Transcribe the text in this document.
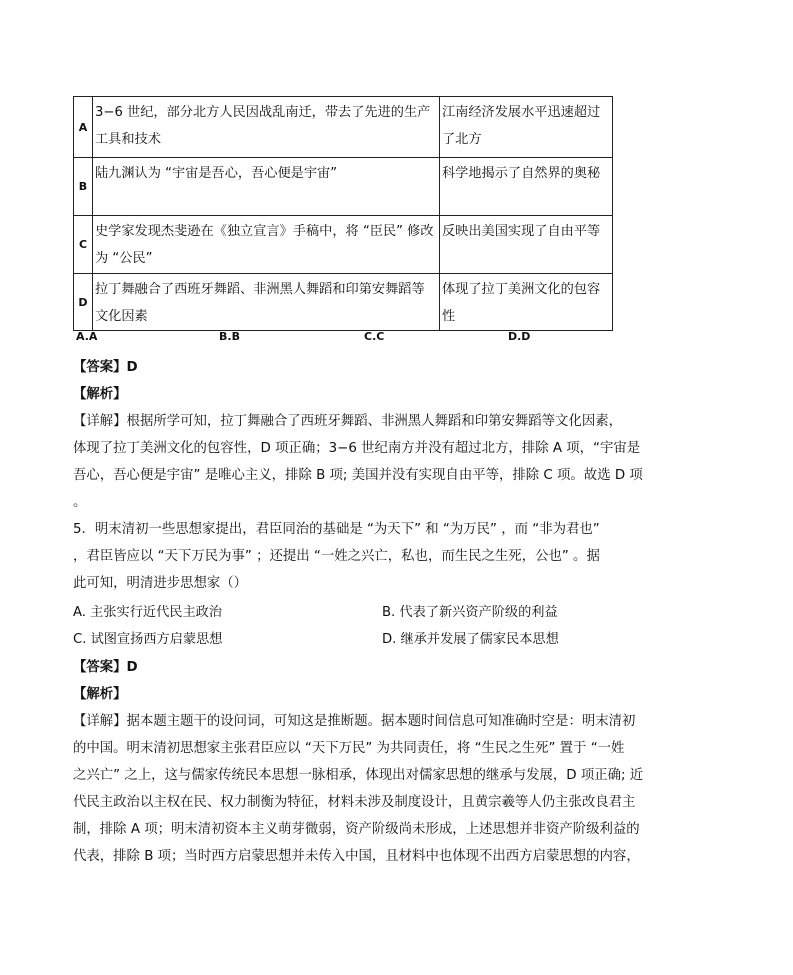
A	3−6 世纪，部分北方人民因战乱南迁，带去了先进的生产工具和技术	江南经济发展水平迅速超过了北方
B	陆九渊认为 “宇宙是吾心，吾心便是宇宙”	科学地揭示了自然界的奥秘
C	史学家发现杰斐逊在《独立宣言》手稿中，将 “臣民” 修改为 “公民”	反映出美国实现了自由平等
D	拉丁舞融合了西班牙舞蹈、非洲黑人舞蹈和印第安舞蹈等文化因素	体现了拉丁美洲文化的包容性
A.A	B.B	C.C	D.D
【答案】D
【解析】
【详解】根据所学可知，拉丁舞融合了西班牙舞蹈、非洲黑人舞蹈和印第安舞蹈等文化因素，
体现了拉丁美洲文化的包容性，D 项正确；3−6 世纪南方并没有超过北方，排除 A 项，“宇宙是
吾心，吾心便是宇宙” 是唯心主义，排除 B 项; 美国并没有实现自由平等，排除 C 项。故选 D 项
。
5．明末清初一些思想家提出，君臣同治的基础是 “为天下” 和 “为万民” ，而 “非为君也”
，君臣皆应以 “天下万民为事” ；还提出 “一姓之兴亡，私也，而生民之生死，公也” 。据
此可知，明清进步思想家（）
A. 主张实行近代民主政治	B. 代表了新兴资产阶级的利益
C. 试图宣扬西方启蒙思想	D. 继承并发展了儒家民本思想
【答案】D
【解析】
【详解】据本题主题干的设问词，可知这是推断题。据本题时间信息可知准确时空是：明末清初
的中国。明末清初思想家主张君臣应以 “天下万民” 为共同责任，将 “生民之生死” 置于 “一姓
之兴亡” 之上，这与儒家传统民本思想一脉相承，体现出对儒家思想的继承与发展，D 项正确; 近
代民主政治以主权在民、权力制衡为特征，材料未涉及制度设计，且黄宗羲等人仍主张改良君主
制，排除 A 项；明末清初资本主义萌芽微弱，资产阶级尚未形成，上述思想并非资产阶级利益的
代表，排除 B 项；当时西方启蒙思想并未传入中国，且材料中也体现不出西方启蒙思想的内容，
